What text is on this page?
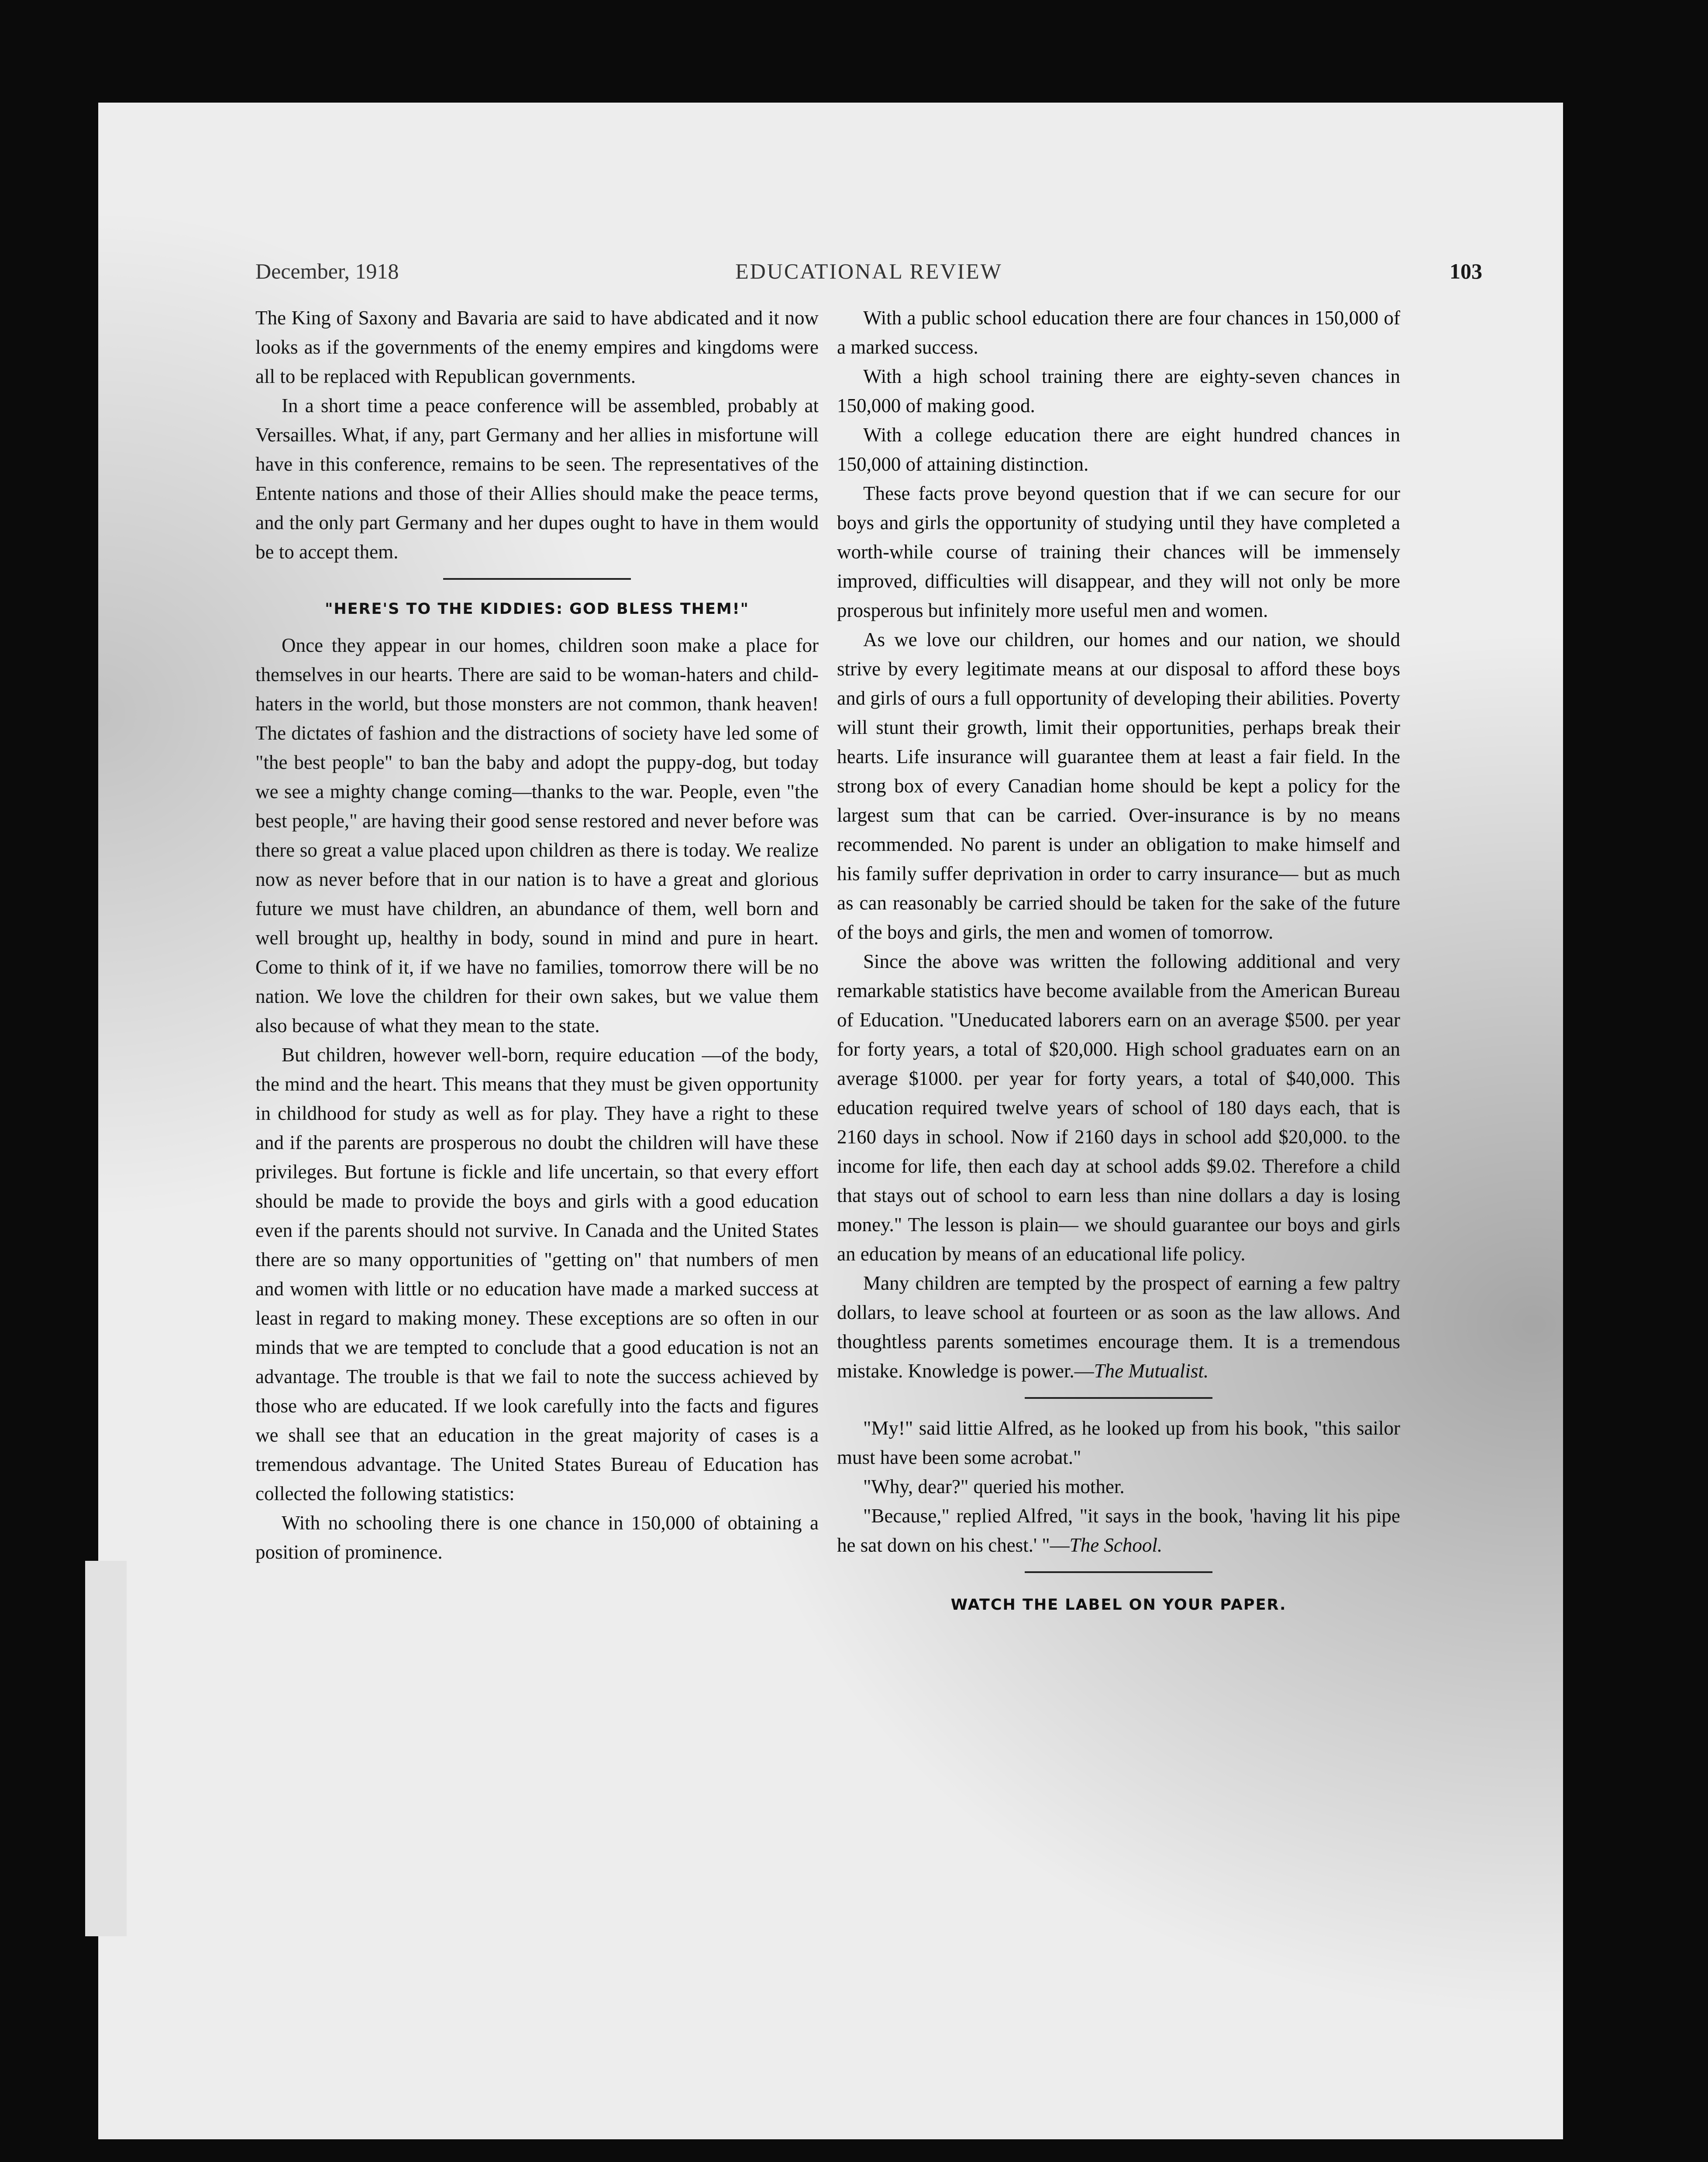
December, 1918	EDUCATIONAL REVIEW	103

The King of Saxony and Bavaria are said to have abdicated and it now looks as if the governments of the enemy empires and kingdoms were all to be replaced with Republican governments.

In a short time a peace conference will be assembled, probably at Versailles. What, if any, part Germany and her allies in misfortune will have in this conference, remains to be seen. The representatives of the Entente nations and those of their Allies should make the peace terms, and the only part Germany and her dupes ought to have in them would be to accept them.

"HERE'S TO THE KIDDIES: GOD BLESS THEM!"

Once they appear in our homes, children soon make a place for themselves in our hearts. There are said to be woman-haters and child-haters in the world, but those monsters are not common, thank heaven! The dictates of fashion and the distractions of society have led some of "the best people" to ban the baby and adopt the puppy-dog, but today we see a mighty change coming—thanks to the war. People, even "the best people," are having their good sense restored and never before was there so great a value placed upon children as there is today. We realize now as never before that in our nation is to have a great and glorious future we must have children, an abundance of them, well born and well brought up, healthy in body, sound in mind and pure in heart. Come to think of it, if we have no families, tomorrow there will be no nation. We love the children for their own sakes, but we value them also because of what they mean to the state.

But children, however well-born, require education —of the body, the mind and the heart. This means that they must be given opportunity in childhood for study as well as for play. They have a right to these and if the parents are prosperous no doubt the children will have these privileges. But fortune is fickle and life uncertain, so that every effort should be made to provide the boys and girls with a good education even if the parents should not survive. In Canada and the United States there are so many opportunities of "getting on" that numbers of men and women with little or no education have made a marked success at least in regard to making money. These exceptions are so often in our minds that we are tempted to conclude that a good education is not an advantage. The trouble is that we fail to note the success achieved by those who are educated. If we look carefully into the facts and figures we shall see that an education in the great majority of cases is a tremendous advantage. The United States Bureau of Education has collected the following statistics:

With no schooling there is one chance in 150,000 of obtaining a position of prominence.

With a public school education there are four chances in 150,000 of a marked success.

With a high school training there are eighty-seven chances in 150,000 of making good.

With a college education there are eight hundred chances in 150,000 of attaining distinction.

These facts prove beyond question that if we can secure for our boys and girls the opportunity of studying until they have completed a worth-while course of training their chances will be immensely improved, difficulties will disappear, and they will not only be more prosperous but infinitely more useful men and women.

As we love our children, our homes and our nation, we should strive by every legitimate means at our disposal to afford these boys and girls of ours a full opportunity of developing their abilities. Poverty will stunt their growth, limit their opportunities, perhaps break their hearts. Life insurance will guarantee them at least a fair field. In the strong box of every Canadian home should be kept a policy for the largest sum that can be carried. Over-insurance is by no means recommended. No parent is under an obligation to make himself and his family suffer deprivation in order to carry insurance— but as much as can reasonably be carried should be taken for the sake of the future of the boys and girls, the men and women of tomorrow.

Since the above was written the following additional and very remarkable statistics have become available from the American Bureau of Education. "Uneducated laborers earn on an average $500. per year for forty years, a total of $20,000. High school graduates earn on an average $1000. per year for forty years, a total of $40,000. This education required twelve years of school of 180 days each, that is 2160 days in school. Now if 2160 days in school add $20,000. to the income for life, then each day at school adds $9.02. Therefore a child that stays out of school to earn less than nine dollars a day is losing money." The lesson is plain— we should guarantee our boys and girls an education by means of an educational life policy.

Many children are tempted by the prospect of earning a few paltry dollars, to leave school at fourteen or as soon as the law allows. And thoughtless parents sometimes encourage them. It is a tremendous mistake. Knowledge is power.—The Mutualist.

"My!" said littie Alfred, as he looked up from his book, "this sailor must have been some acrobat."

"Why, dear?" queried his mother.

"Because," replied Alfred, "it says in the book, 'having lit his pipe he sat down on his chest.' "—The School.

WATCH THE LABEL ON YOUR PAPER.
